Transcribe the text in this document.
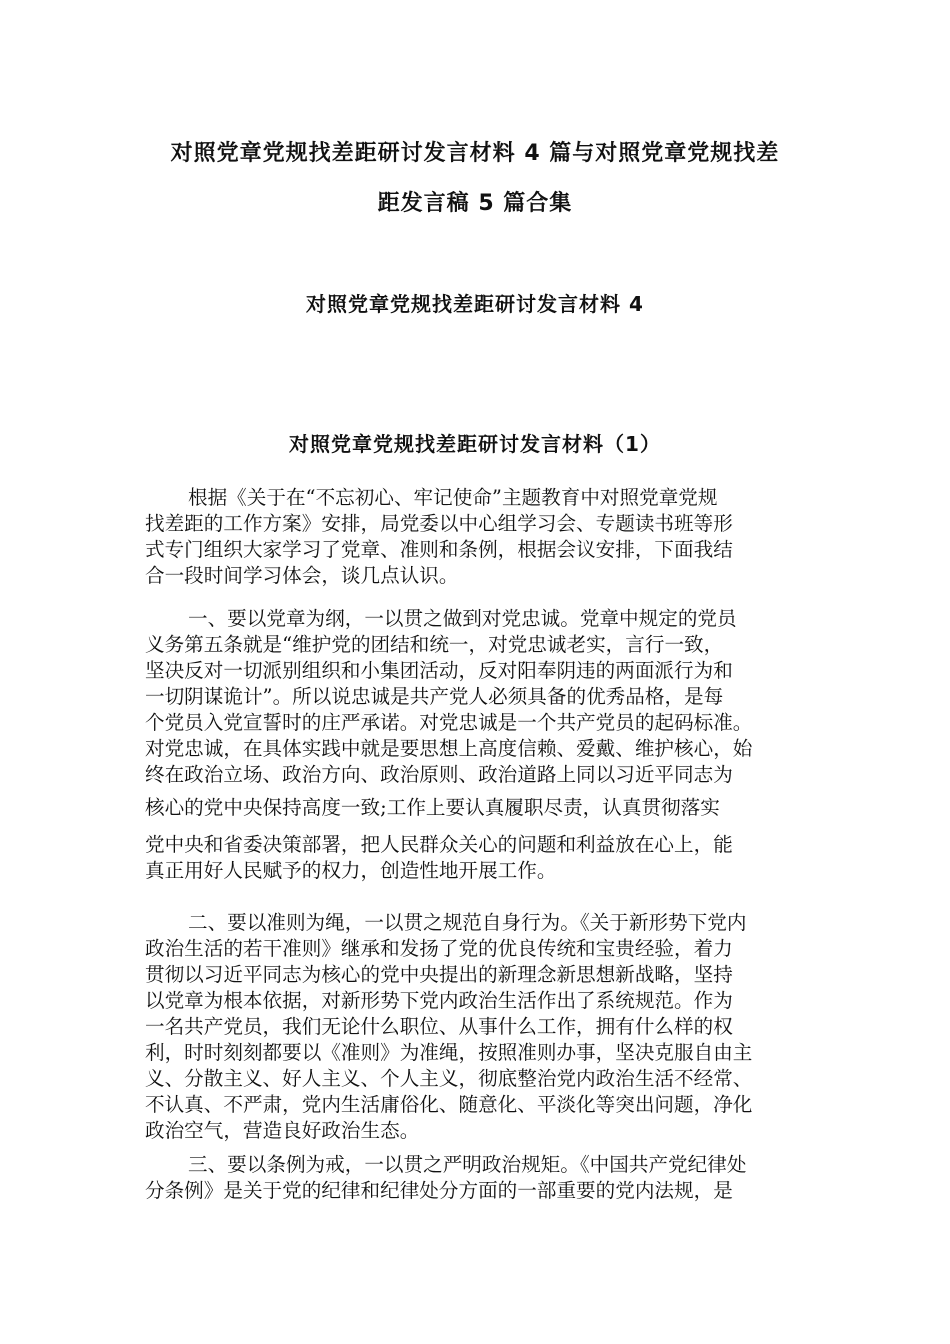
对照党章党规找差距研讨发言材料 4 篇与对照党章党规找差
距发言稿 5 篇合集
对照党章党规找差距研讨发言材料 4
对照党章党规找差距研讨发言材料（1）
根据《关于在“不忘初心、牢记使命”主题教育中对照党章党规
找差距的工作方案》安排，局党委以中心组学习会、专题读书班等形
式专门组织大家学习了党章、准则和条例，根据会议安排，下面我结
合一段时间学习体会，谈几点认识。
一、要以党章为纲，一以贯之做到对党忠诚。党章中规定的党员
义务第五条就是“维护党的团结和统一，对党忠诚老实，言行一致，
坚决反对一切派别组织和小集团活动，反对阳奉阴违的两面派行为和
一切阴谋诡计”。所以说忠诚是共产党人必须具备的优秀品格，是每
个党员入党宣誓时的庄严承诺。对党忠诚是一个共产党员的起码标准。
对党忠诚，在具体实践中就是要思想上高度信赖、爱戴、维护核心，始
终在政治立场、政治方向、政治原则、政治道路上同以习近平同志为
核心的党中央保持高度一致;工作上要认真履职尽责，认真贯彻落实
党中央和省委决策部署，把人民群众关心的问题和利益放在心上，能
真正用好人民赋予的权力，创造性地开展工作。
二、要以准则为绳，一以贯之规范自身行为。《关于新形势下党内
政治生活的若干准则》继承和发扬了党的优良传统和宝贵经验，着力
贯彻以习近平同志为核心的党中央提出的新理念新思想新战略，坚持
以党章为根本依据，对新形势下党内政治生活作出了系统规范。作为
一名共产党员，我们无论什么职位、从事什么工作，拥有什么样的权
利，时时刻刻都要以《准则》为准绳，按照准则办事，坚决克服自由主
义、分散主义、好人主义、个人主义，彻底整治党内政治生活不经常、
不认真、不严肃，党内生活庸俗化、随意化、平淡化等突出问题，净化
政治空气，营造良好政治生态。
三、要以条例为戒，一以贯之严明政治规矩。《中国共产党纪律处
分条例》是关于党的纪律和纪律处分方面的一部重要的党内法规，是
